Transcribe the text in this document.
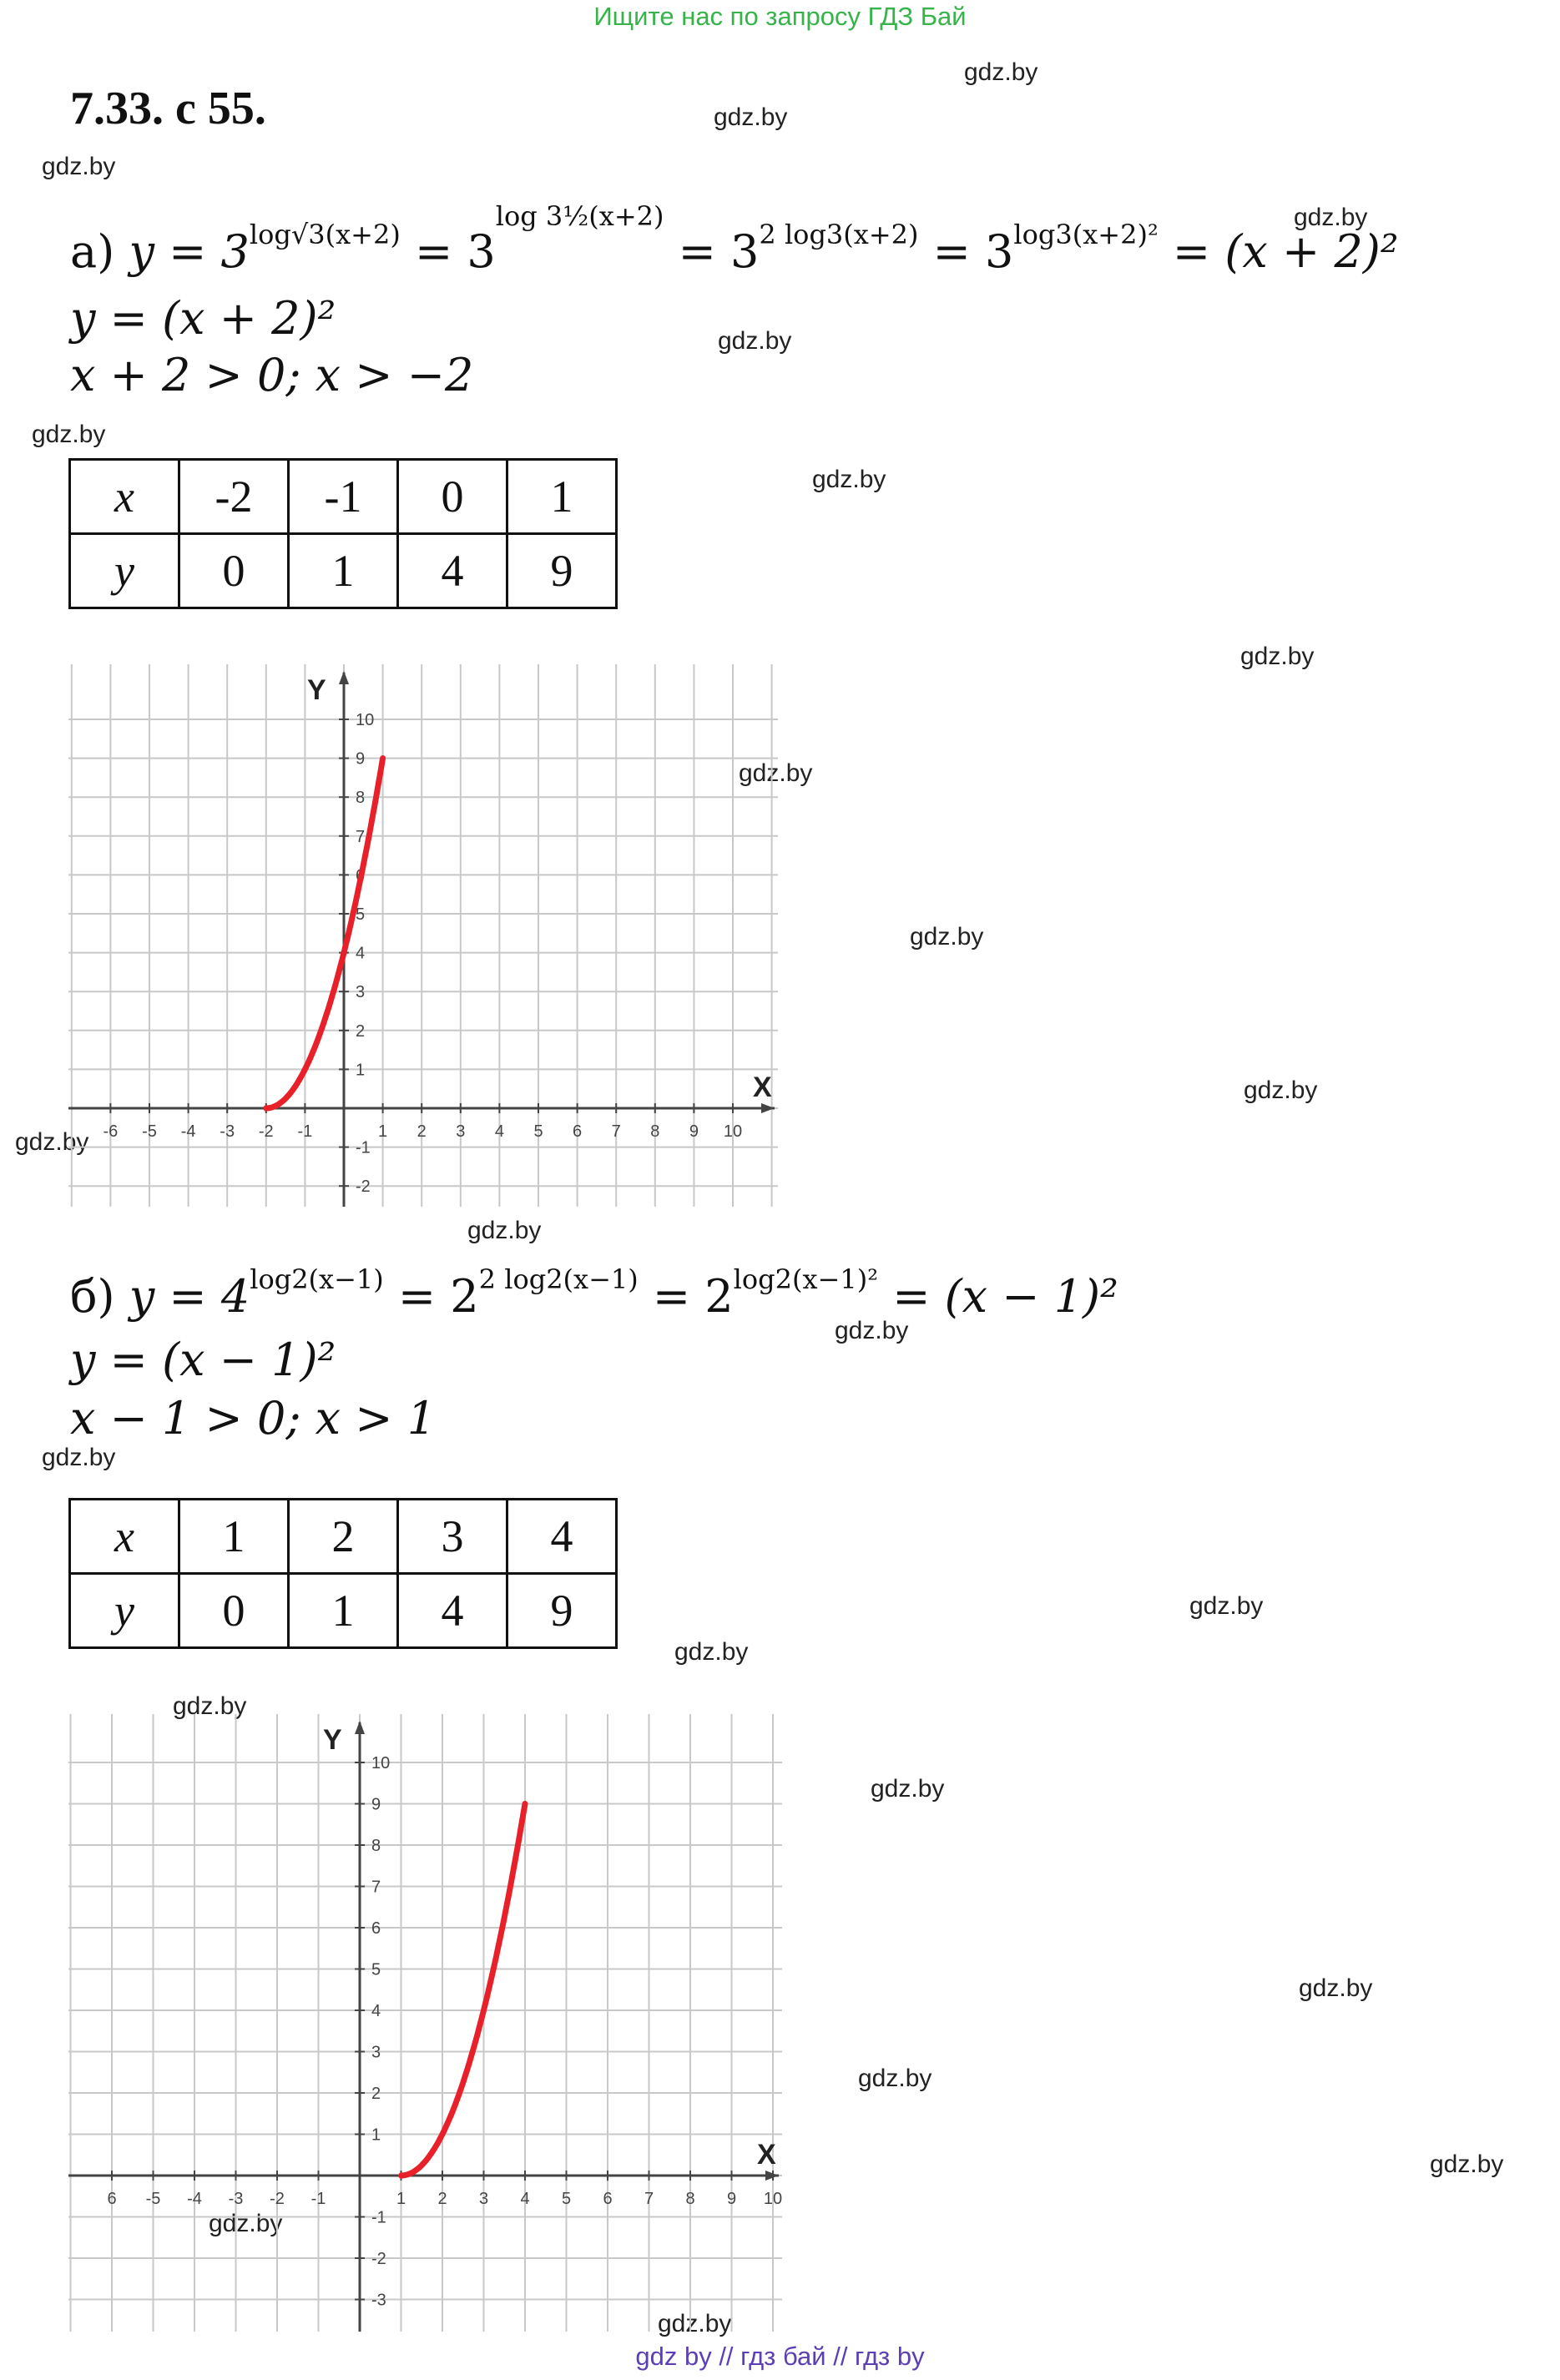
Ищите нас по запросу ГДЗ Бай
7.33. с 55.
gdz.by
gdz.by
gdz.by
gdz.by
gdz.by
gdz.by
gdz.by
gdz.by
gdz.by
gdz.by
gdz.by
gdz.by
gdz.by
gdz.by
gdz.by
gdz.by
gdz.by
gdz.by
gdz.by
gdz.by
gdz.by
gdz.by
gdz.by
gdz.by
а) $y = 3^{log√3(x+2)} = 3^{log 3\frac{1}{2}(x+2)} = 3^{2 log3(x+2)} = 3^{log3(x+2)^2} = (x + 2)^2$
y = (x + 2)²
x + 2 > 0; x > −2
x	-2	-1	0	1
y	0	1	4	9
X
Y
-6 -5 -4 -3 -2 -1	1 2 3 4 5 6 7 8 9 10
10
9
8
7
6
5
4
3
2
1
-1
-2
б) $y = 4^{log2(x-1)} = 2^{2 log2(x-1)} = 2^{log2(x-1)^2} = (x - 1)^2$
y = (x − 1)²
x − 1 > 0; x > 1
x	1	2	3	4
y	0	1	4	9
X
Y
6 -5 -4 -3 -2 -1	1 2 3 4 5 6 7 8 9 10
10
9
8
7
6
5
4
3
2
1
-1
-2
-3
gdz by // гдз бай // гдз by
